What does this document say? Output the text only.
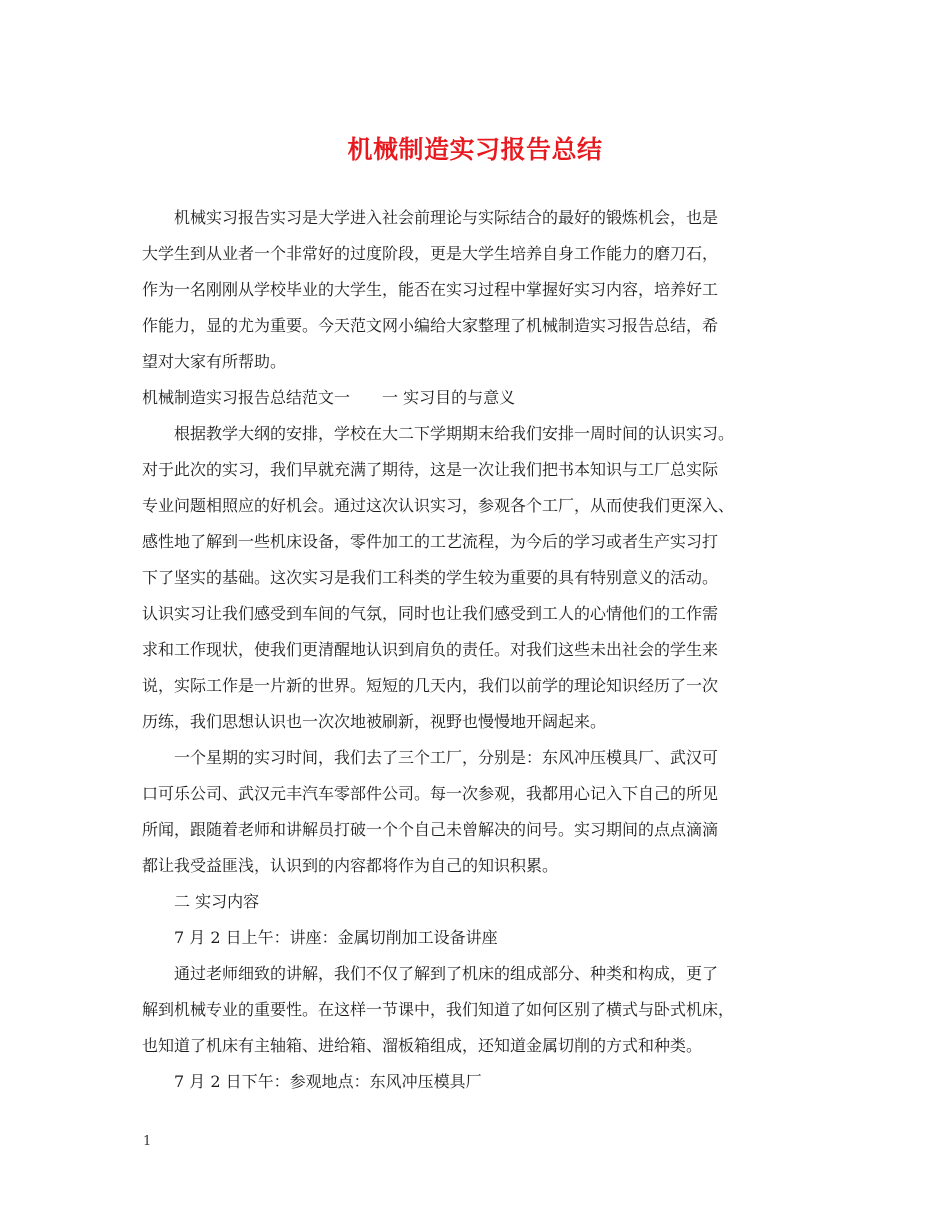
机械制造实习报告总结
　　机械实习报告实习是大学进入社会前理论与实际结合的最好的锻炼机会，也是
大学生到从业者一个非常好的过度阶段，更是大学生培养自身工作能力的磨刀石，
作为一名刚刚从学校毕业的大学生，能否在实习过程中掌握好实习内容，培养好工
作能力，显的尤为重要。今天范文网小编给大家整理了机械制造实习报告总结，希
望对大家有所帮助。
机械制造实习报告总结范文一　　一 实习目的与意义
　　根据教学大纲的安排，学校在大二下学期期末给我们安排一周时间的认识实习。
对于此次的实习，我们早就充满了期待，这是一次让我们把书本知识与工厂总实际
专业问题相照应的好机会。通过这次认识实习，参观各个工厂，从而使我们更深入、
感性地了解到一些机床设备，零件加工的工艺流程，为今后的学习或者生产实习打
下了坚实的基础。这次实习是我们工科类的学生较为重要的具有特别意义的活动。
认识实习让我们感受到车间的气氛，同时也让我们感受到工人的心情他们的工作需
求和工作现状，使我们更清醒地认识到肩负的责任。对我们这些未出社会的学生来
说，实际工作是一片新的世界。短短的几天内，我们以前学的理论知识经历了一次
历练，我们思想认识也一次次地被刷新，视野也慢慢地开阔起来。
　　一个星期的实习时间，我们去了三个工厂，分别是：东风冲压模具厂、武汉可
口可乐公司、武汉元丰汽车零部件公司。每一次参观，我都用心记入下自己的所见
所闻，跟随着老师和讲解员打破一个个自己未曾解决的问号。实习期间的点点滴滴
都让我受益匪浅，认识到的内容都将作为自己的知识积累。
　　二 实习内容
　　7 月 2 日上午：讲座：金属切削加工设备讲座
　　通过老师细致的讲解，我们不仅了解到了机床的组成部分、种类和构成，更了
解到机械专业的重要性。在这样一节课中，我们知道了如何区别了横式与卧式机床，
也知道了机床有主轴箱、进给箱、溜板箱组成，还知道金属切削的方式和种类。
　　7 月 2 日下午：参观地点：东风冲压模具厂
1
